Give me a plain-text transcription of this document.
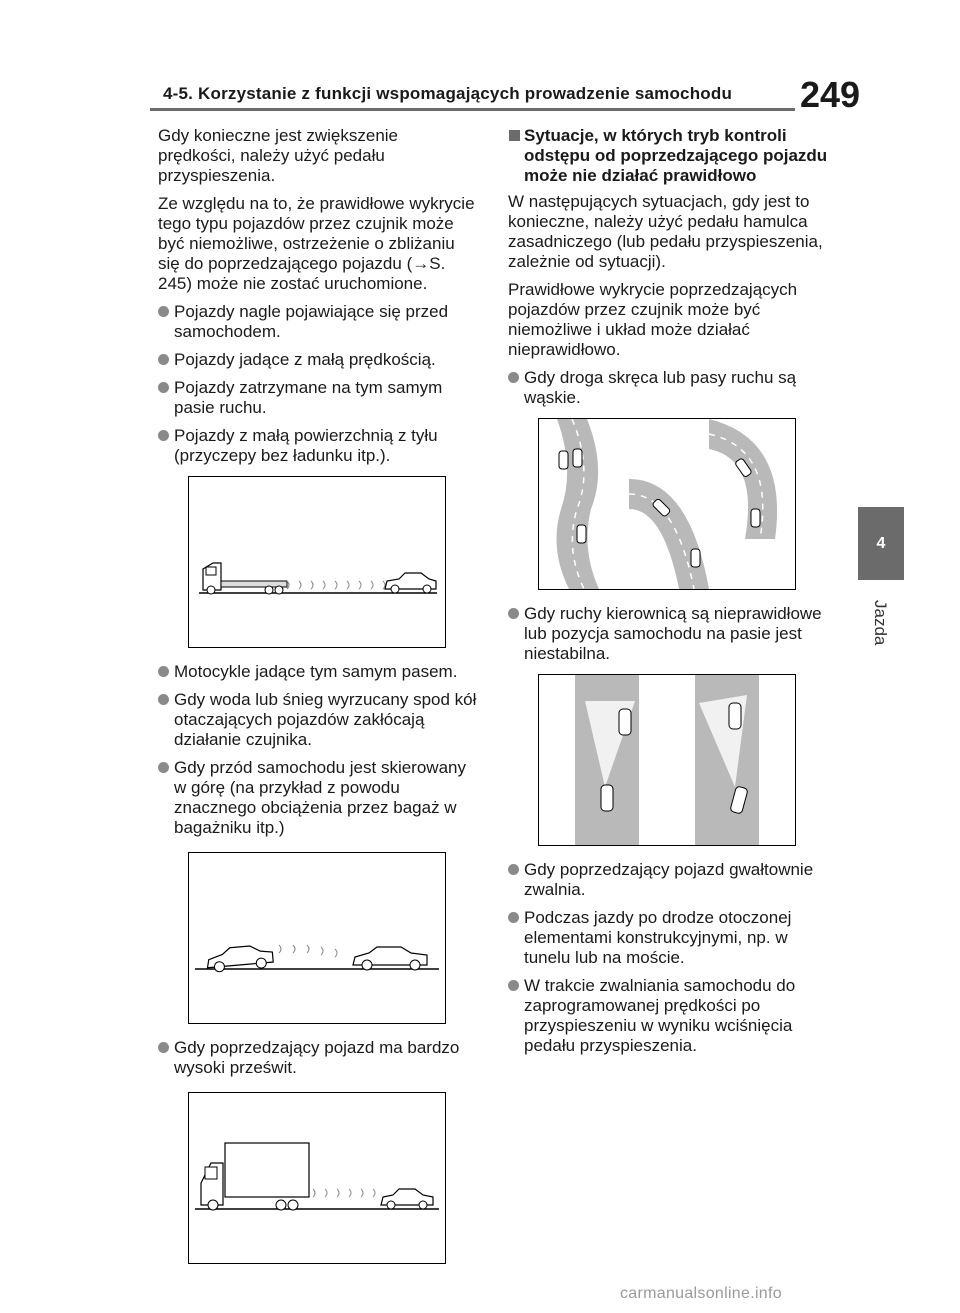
4-5. Korzystanie z funkcji wspomagających prowadzenie samochodu 249
4
Jazda

Gdy konieczne jest zwiększenie prędkości, należy użyć pedału przyspieszenia.

Ze względu na to, że prawidłowe wykrycie tego typu pojazdów przez czujnik może być niemożliwe, ostrzeżenie o zbliżaniu się do poprzedzającego pojazdu (→S. 245) może nie zostać uruchomione.

Pojazdy nagle pojawiające się przed samochodem.
Pojazdy jadące z małą prędkością.
Pojazdy zatrzymane na tym samym pasie ruchu.
Pojazdy z małą powierzchnią z tyłu (przyczepy bez ładunku itp.).
Motocykle jadące tym samym pasem.
Gdy woda lub śnieg wyrzucany spod kół otaczających pojazdów zakłócają działanie czujnika.
Gdy przód samochodu jest skierowany w górę (na przykład z powodu znacznego obciążenia przez bagaż w bagażniku itp.)
Gdy poprzedzający pojazd ma bardzo wysoki prześwit.
Sytuacje, w których tryb kontroli odstępu od poprzedzającego pojazdu może nie działać prawidłowo

W następujących sytuacjach, gdy jest to konieczne, należy użyć pedału hamulca zasadniczego (lub pedału przyspieszenia, zależnie od sytuacji).

Prawidłowe wykrycie poprzedzających pojazdów przez czujnik może być niemożliwe i układ może działać nieprawidłowo.

Gdy droga skręca lub pasy ruchu są wąskie.
Gdy ruchy kierownicą są nieprawidłowe lub pozycja samochodu na pasie jest niestabilna.
Gdy poprzedzający pojazd gwałtownie zwalnia.
Podczas jazdy po drodze otoczonej elementami konstrukcyjnymi, np. w tunelu lub na moście.
W trakcie zwalniania samochodu do zaprogramowanej prędkości po przyspieszeniu w wyniku wciśnięcia pedału przyspieszenia.
carmanualsonline.info
